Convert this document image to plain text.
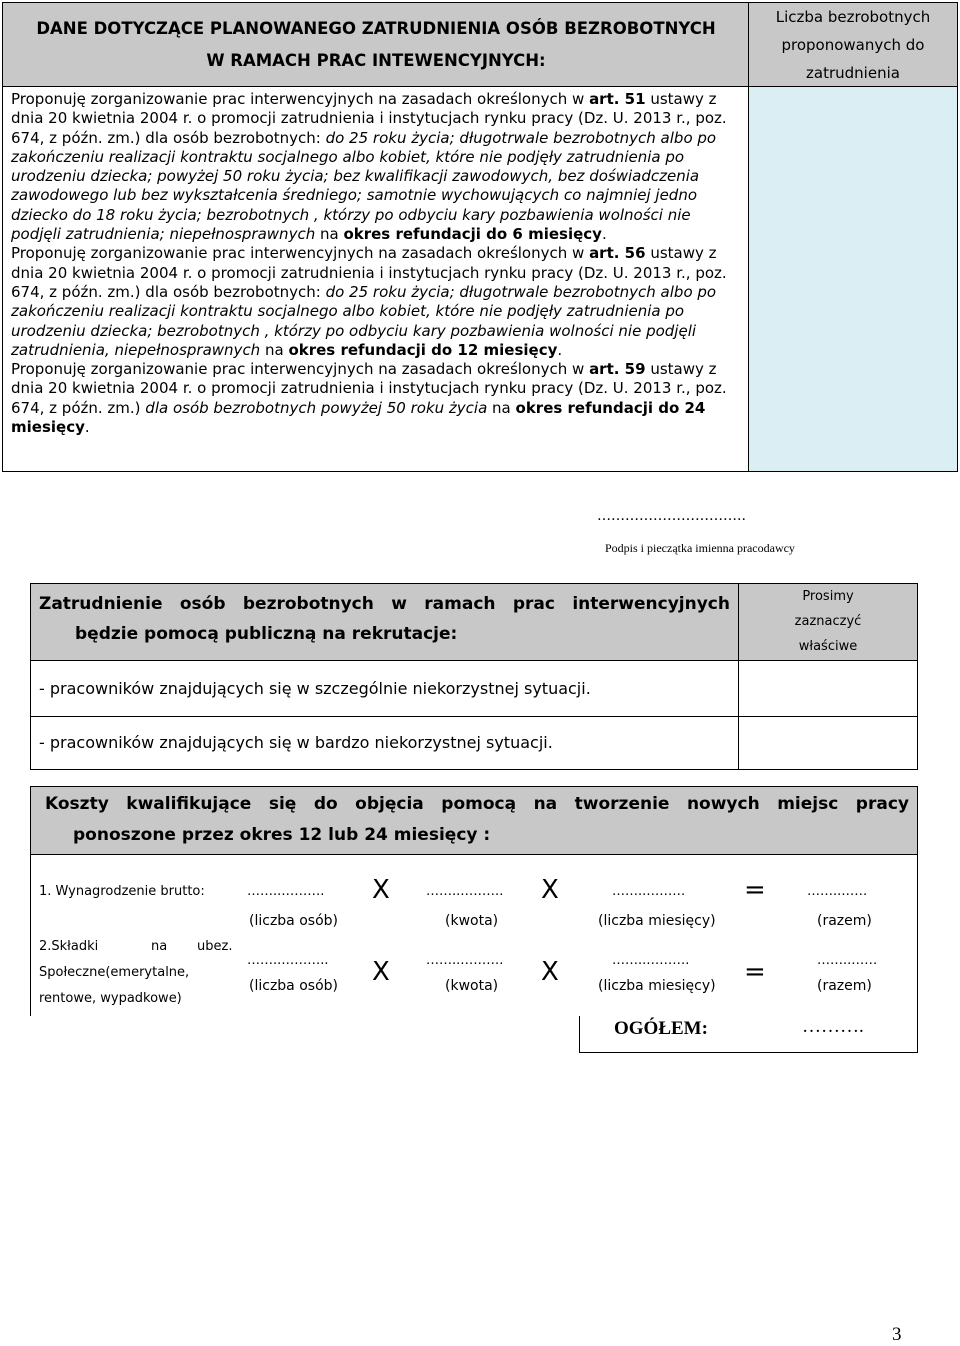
DANE DOTYCZĄCE PLANOWANEGO ZATRUDNIENIA OSÓB BEZROBOTNYCH
W RAMACH PRAC INTEWENCYJNYCH:
Liczba bezrobotnych
proponowanych do
zatrudnienia

Proponuję zorganizowanie prac interwencyjnych na zasadach określonych w art. 51 ustawy z dnia 20 kwietnia 2004 r. o promocji zatrudnienia i instytucjach rynku pracy (Dz. U. 2013 r., poz. 674, z późn. zm.) dla osób bezrobotnych: do 25 roku życia; długotrwale bezrobotnych albo po zakończeniu realizacji kontraktu socjalnego albo kobiet, które nie podjęły zatrudnienia po urodzeniu dziecka; powyżej 50 roku życia; bez kwalifikacji zawodowych, bez doświadczenia zawodowego lub bez wykształcenia średniego; samotnie wychowujących co najmniej jedno dziecko do 18 roku życia; bezrobotnych , którzy po odbyciu kary pozbawienia wolności nie podjęli zatrudnienia; niepełnosprawnych na okres refundacji do 6 miesięcy.

Proponuję zorganizowanie prac interwencyjnych na zasadach określonych w art. 56 ustawy z dnia 20 kwietnia 2004 r. o promocji zatrudnienia i instytucjach rynku pracy (Dz. U. 2013 r., poz. 674, z późn. zm.) dla osób bezrobotnych: do 25 roku życia; długotrwale bezrobotnych albo po zakończeniu realizacji kontraktu socjalnego albo kobiet, które nie podjęły zatrudnienia po urodzeniu dziecka; bezrobotnych , którzy po odbyciu kary pozbawienia wolności nie podjęli zatrudnienia, niepełnosprawnych na okres refundacji do 12 miesięcy.

Proponuję zorganizowanie prac interwencyjnych na zasadach określonych w art. 59 ustawy z dnia 20 kwietnia 2004 r. o promocji zatrudnienia i instytucjach rynku pracy (Dz. U. 2013 r., poz. 674, z późn. zm.) dla osób bezrobotnych powyżej 50 roku życia na okres refundacji do 24 miesięcy.

…………………………..
Podpis i pieczątka imienna pracodawcy
Zatrudnienie osób bezrobotnych w ramach prac interwencyjnych
będzie pomocą publiczną na rekrutacje:
Prosimy
zaznaczyć
właściwe
- pracowników znajdujących się w szczególnie niekorzystnej sytuacji.
- pracowników znajdujących się w bardzo niekorzystnej sytuacji.
Koszty kwalifikujące się do objęcia pomocą na tworzenie nowych miejsc pracy
ponoszone przez okres 12 lub 24 miesięcy :
1. Wynagrodzenie brutto:	……..………. X	……..………. X	……..……… =	……..……
(liczba osób)	(kwota)	(liczba miesięcy)	(razem)
2.Składki	na ubez.
Społeczne(emerytalne,
rentowe, wypadkowe)
……..……….. X	……..………. X	……..………. =	……..……
(liczba osób)	(kwota)	(liczba miesięcy)	(razem)
OGÓŁEM:	……….
3
